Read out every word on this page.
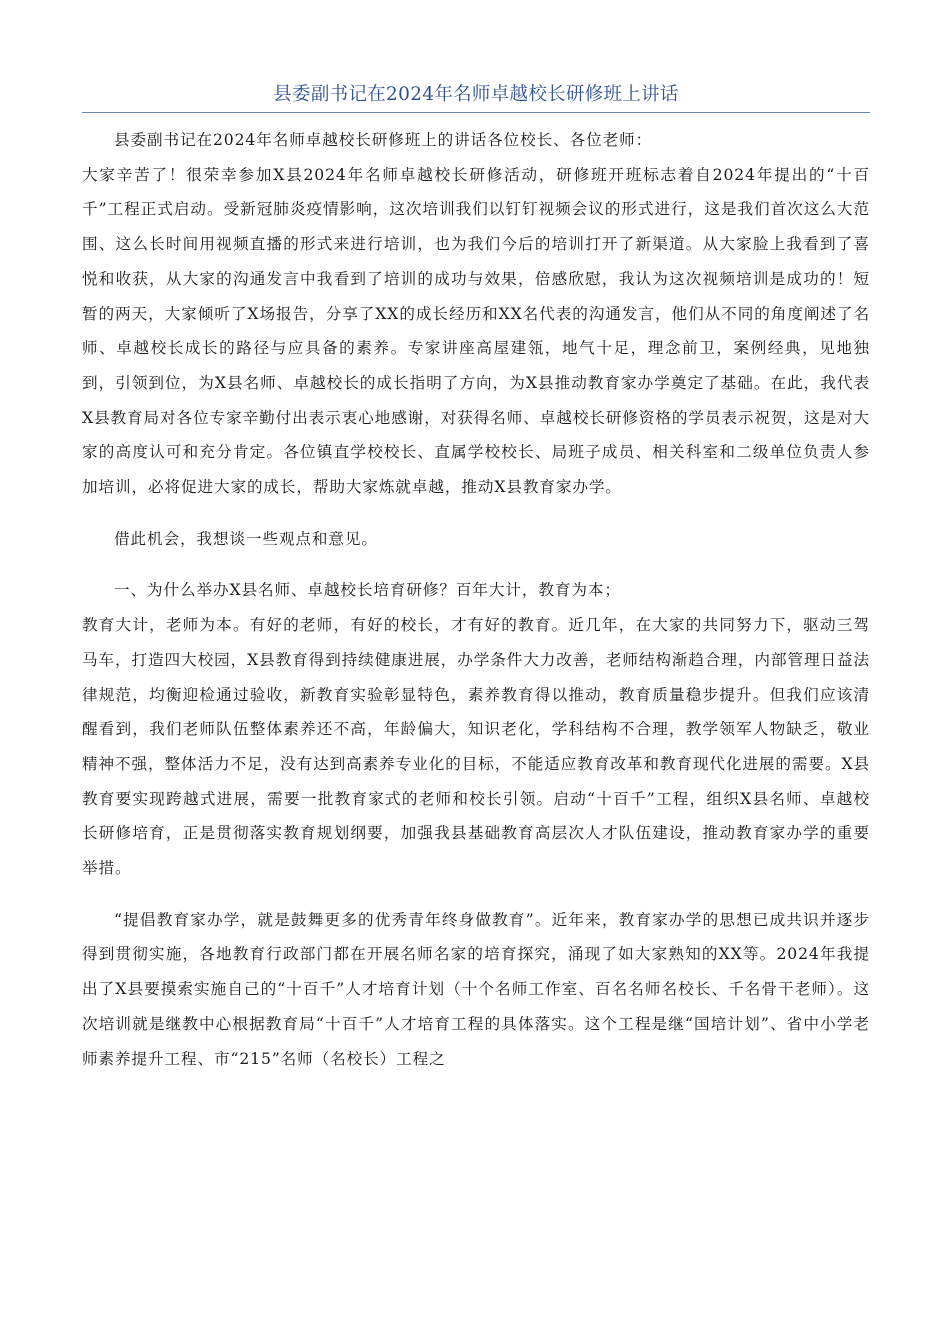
县委副书记在2024年名师卓越校长研修班上讲话

县委副书记在2024年名师卓越校长研修班上的讲话各位校长、各位老师：

大家辛苦了！很荣幸参加X县2024年名师卓越校长研修活动，研修班开班标志着自2024年提出的“十百千”工程正式启动。受新冠肺炎疫情影响，这次培训我们以钉钉视频会议的形式进行，这是我们首次这么大范围、这么长时间用视频直播的形式来进行培训，也为我们今后的培训打开了新渠道。从大家脸上我看到了喜悦和收获，从大家的沟通发言中我看到了培训的成功与效果，倍感欣慰，我认为这次视频培训是成功的！短暂的两天，大家倾听了X场报告，分享了XX的成长经历和XX名代表的沟通发言，他们从不同的角度阐述了名师、卓越校长成长的路径与应具备的素养。专家讲座高屋建瓴，地气十足，理念前卫，案例经典，见地独到，引领到位，为X县名师、卓越校长的成长指明了方向，为X县推动教育家办学奠定了基础。在此，我代表X县教育局对各位专家辛勤付出表示衷心地感谢，对获得名师、卓越校长研修资格的学员表示祝贺，这是对大家的高度认可和充分肯定。各位镇直学校校长、直属学校校长、局班子成员、相关科室和二级单位负责人参加培训，必将促进大家的成长，帮助大家炼就卓越，推动X县教育家办学。

借此机会，我想谈一些观点和意见。

一、为什么举办X县名师、卓越校长培育研修？百年大计，教育为本；

教育大计，老师为本。有好的老师，有好的校长，才有好的教育。近几年，在大家的共同努力下，驱动三驾马车，打造四大校园，X县教育得到持续健康进展，办学条件大力改善，老师结构渐趋合理，内部管理日益法律规范，均衡迎检通过验收，新教育实验彰显特色，素养教育得以推动，教育质量稳步提升。但我们应该清醒看到，我们老师队伍整体素养还不高，年龄偏大，知识老化，学科结构不合理，教学领军人物缺乏，敬业精神不强，整体活力不足，没有达到高素养专业化的目标，不能适应教育改革和教育现代化进展的需要。X县教育要实现跨越式进展，需要一批教育家式的老师和校长引领。启动“十百千”工程，组织X县名师、卓越校长研修培育，正是贯彻落实教育规划纲要，加强我县基础教育高层次人才队伍建设，推动教育家办学的重要举措。

“提倡教育家办学，就是鼓舞更多的优秀青年终身做教育”。近年来，教育家办学的思想已成共识并逐步得到贯彻实施，各地教育行政部门都在开展名师名家的培育探究，涌现了如大家熟知的XX等。2024年我提出了X县要摸索实施自己的“十百千”人才培育计划（十个名师工作室、百名名师名校长、千名骨干老师）。这次培训就是继教中心根据教育局“十百千”人才培育工程的具体落实。这个工程是继“国培计划”、省中小学老师素养提升工程、市“215”名师（名校长）工程之
